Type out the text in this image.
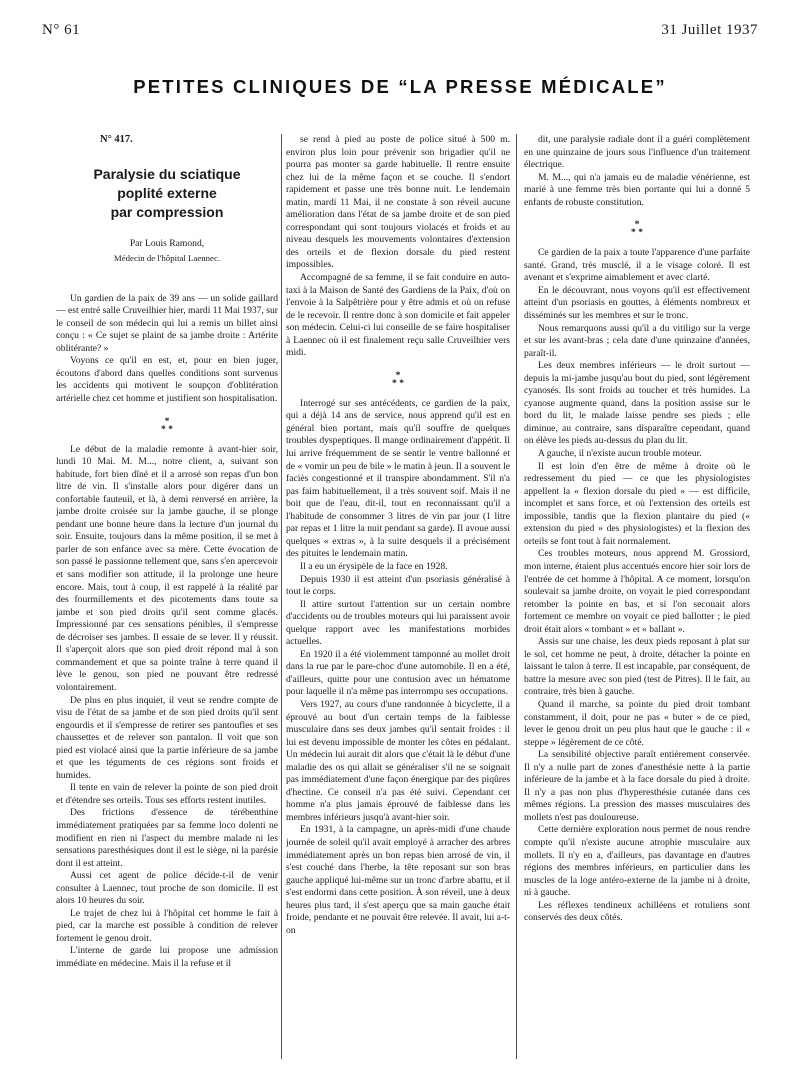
N° 61	31 Juillet 1937
PETITES CLINIQUES DE “LA PRESSE MÉDICALE”
N° 417.
Paralysie du sciatique
poplité externe
par compression
Par Louis Ramond,
Médecin de l'hôpital Laennec.

Un gardien de la paix de 39 ans — un solide gaillard — est entré salle Cruveilhier hier, mardi 11 Mai 1937, sur le conseil de son médecin qui lui a remis un billet ainsi conçu : « Ce sujet se plaint de sa jambe droite : Artérite oblitérante? »

Voyons ce qu'il en est, et, pour en bien juger, écoutons d'abord dans quelles conditions sont survenus les accidents qui motivent le soupçon d'oblitération artérielle chez cet homme et justifient son hospitalisation.

*
* *

Le début de la maladie remonte à avant-hier soir, lundi 10 Mai. M. M..., notre client, a, suivant son habitude, fort bien dîné et il a arrosé son repas d'un bon litre de vin. Il s'installe alors pour digérer dans un confortable fauteuil, et là, à demi renversé en arrière, la jambe droite croisée sur la jambe gauche, il se plonge pendant une bonne heure dans la lecture d'un journal du soir. Ensuite, toujours dans la même position, il se met à parler de son enfance avec sa mère. Cette évocation de son passé le passionne tellement que, sans s'en apercevoir et sans modifier son attitude, il la prolonge une heure encore. Mais, tout à coup, il est rappelé à la réalité par des fourmillements et des picotements dans toute sa jambe et son pied droits qu'il sent comme glacés. Impressionné par ces sensations pénibles, il s'empresse de décroiser ses jambes. Il essaie de se lever. Il y réussit. Il s'aperçoit alors que son pied droit répond mal à son commandement et que sa pointe traîne à terre quand il lève le genou, son pied ne pouvant être redressé volontairement.

De plus en plus inquiet, il veut se rendre compte de visu de l'état de sa jambe et de son pied droits qu'il sent engourdis et il s'empresse de retirer ses pantoufles et ses chaussettes et de relever son pantalon. Il voit que son pied est violacé ainsi que la partie inférieure de sa jambe et que les téguments de ces régions sont froids et humides.

Il tente en vain de relever la pointe de son pied droit et d'étendre ses orteils. Tous ses efforts restent inutiles.

Des frictions d'essence de térébenthine immédiatement pratiquées par sa femme loco dolenti ne modifient en rien ni l'aspect du membre malade ni les sensations paresthésiques dont il est le siège, ni la parésie dont il est atteint.

Aussi cet agent de police décide-t-il de venir consulter à Laennec, tout proche de son domicile. Il est alors 10 heures du soir.

Le trajet de chez lui à l'hôpital cet homme le fait à pied, car la marche est possible à condition de relever fortement le genou droit.

L'interne de garde lui propose une admission immédiate en médecine. Mais il la refuse et il

se rend à pied au poste de police situé à 500 m. environ plus loin pour prévenir son brigadier qu'il ne pourra pas monter sa garde habituelle. Il rentre ensuite chez lui de la même façon et se couche. Il s'endort rapidement et passe une très bonne nuit. Le lendemain matin, mardi 11 Mai, il ne constate à son réveil aucune amélioration dans l'état de sa jambe droite et de son pied correspondant qui sont toujours violacés et froids et au niveau desquels les mouvements volontaires d'extension des orteils et de flexion dorsale du pied restent impossibles.

Accompagné de sa femme, il se fait conduire en auto-taxi à la Maison de Santé des Gardiens de la Paix, d'où on l'envoie à la Salpêtrière pour y être admis et où on refuse de le recevoir. Il rentre donc à son domicile et fait appeler son médecin. Celui-ci lui conseille de se faire hospitaliser à Laennec où il est finalement reçu salle Cruveilhier vers midi.

*
* *

Interrogé sur ses antécédents, ce gardien de la paix, qui a déjà 14 ans de service, nous apprend qu'il est en général bien portant, mais qu'il souffre de quelques troubles dyspeptiques. Il mange ordinairement d'appétit. Il lui arrive fréquemment de se sentir le ventre ballonné et de « vomir un peu de bile » le matin à jeun. Il a souvent le faciès congestionné et il transpire abondamment. S'il n'a pas faim habituellement, il a très souvent soif. Mais il ne boit que de l'eau, dit-il, tout en reconnaissant qu'il a l'habitude de consommer 3 litres de vin par jour (1 litre par repas et 1 litre la nuit pendant sa garde). Il avoue aussi quelques « extras », à la suite desquels il a précisément des pituites le lendemain matin.

Il a eu un érysipèle de la face en 1928.

Depuis 1930 il est atteint d'un psoriasis généralisé à tout le corps.

Il attire surtout l'attention sur un certain nombre d'accidents ou de troubles moteurs qui lui paraissent avoir quelque rapport avec les manifestations morbides actuelles.

En 1920 il a été violemment tamponné au mollet droit dans la rue par le pare-choc d'une automobile. Il en a été, d'ailleurs, quitte pour une contusion avec un hématome pour laquelle il n'a même pas interrompu ses occupations.

Vers 1927, au cours d'une randonnée à bicyclette, il a éprouvé au bout d'un certain temps de la faiblesse musculaire dans ses deux jambes qu'il sentait froides : il lui est devenu impossible de monter les côtes en pédalant. Un médecin lui aurait dit alors que c'était là le début d'une maladie des os qui allait se généraliser s'il ne se soignait pas immédiatement d'une façon énergique par des piqûres d'hectine. Ce conseil n'a pas été suivi. Cependant cet homme n'a plus jamais éprouvé de faiblesse dans les membres inférieurs jusqu'à avant-hier soir.

En 1931, à la campagne, un après-midi d'une chaude journée de soleil qu'il avait employé à arracher des arbres immédiatement après un bon repas bien arrosé de vin, il s'est couché dans l'herbe, la tête reposant sur son bras gauche appliqué lui-même sur un tronc d'arbre abattu, et il s'est endormi dans cette position. À son réveil, une à deux heures plus tard, il s'est aperçu que sa main gauche était froide, pendante et ne pouvait être relevée. Il avait, lui a-t-on

dit, une paralysie radiale dont il a guéri complètement en une quinzaine de jours sous l'influence d'un traitement électrique.

M. M..., qui n'a jamais eu de maladie vénérienne, est marié à une femme très bien portante qui lui a donné 5 enfants de robuste constitution.

*
* *

Ce gardien de la paix a toute l'apparence d'une parfaite santé. Grand, très musclé, il a le visage coloré. Il est avenant et s'exprime aimablement et avec clarté.

En le découvrant, nous voyons qu'il est effectivement atteint d'un psoriasis en gouttes, à éléments nombreux et disséminés sur les membres et sur le tronc.

Nous remarquons aussi qu'il a du vitiligo sur la verge et sur les avant-bras ; cela date d'une quinzaine d'années, paraît-il.

Les deux membres inférieurs — le droit surtout — depuis la mi-jambe jusqu'au bout du pied, sont légèrement cyanosés. Ils sont froids au toucher et très humides. La cyanose augmente quand, dans la position assise sur le bord du lit, le malade laisse pendre ses pieds ; elle diminue, au contraire, sans disparaître cependant, quand on élève les pieds au-dessus du plan du lit.

A gauche, il n'existe aucun trouble moteur.

Il est loin d'en être de même à droite où le redressement du pied — ce que les physiologistes appellent la « flexion dorsale du pied » — est difficile, incomplet et sans force, et où l'extension des orteils est impossible, tandis que la flexion plantaire du pied (« extension du pied » des physiologistes) et la flexion des orteils se font tout à fait normalement.

Ces troubles moteurs, nous apprend M. Grossiord, mon interne, étaient plus accentués encore hier soir lors de l'entrée de cet homme à l'hôpital. A ce moment, lorsqu'on soulevait sa jambe droite, on voyait le pied correspondant retomber la pointe en bas, et si l'on secouait alors fortement ce membre on voyait ce pied ballotter ; le pied droit était alors « tombant » et « ballant ».

Assis sur une chaise, les deux pieds reposant à plat sur le sol, cet homme ne peut, à droite, détacher la pointe en laissant le talon à terre. Il est incapable, par conséquent, de battre la mesure avec son pied (test de Pitres). Il le fait, au contraire, très bien à gauche.

Quand il marche, sa pointe du pied droit tombant constamment, il doit, pour ne pas « buter » de ce pied, lever le genou droit un peu plus haut que le gauche : il « steppe » légèrement de ce côté.

La sensibilité objective paraît entièrement conservée. Il n'y a nulle part de zones d'anesthésie nette à la partie inférieure de la jambe et à la face dorsale du pied à droite. Il n'y a pas non plus d'hyperesthésie cutanée dans ces mêmes régions. La pression des masses musculaires des mollets n'est pas douloureuse.

Cette dernière exploration nous permet de nous rendre compte qu'il n'existe aucune atrophie musculaire aux mollets. Il n'y en a, d'ailleurs, pas davantage en d'autres régions des membres inférieurs, en particulier dans les muscles de la loge antéro-externe de la jambe ni à droite, ni à gauche.

Les réflexes tendineux achilléens et rotuliens sont conservés des deux côtés.
